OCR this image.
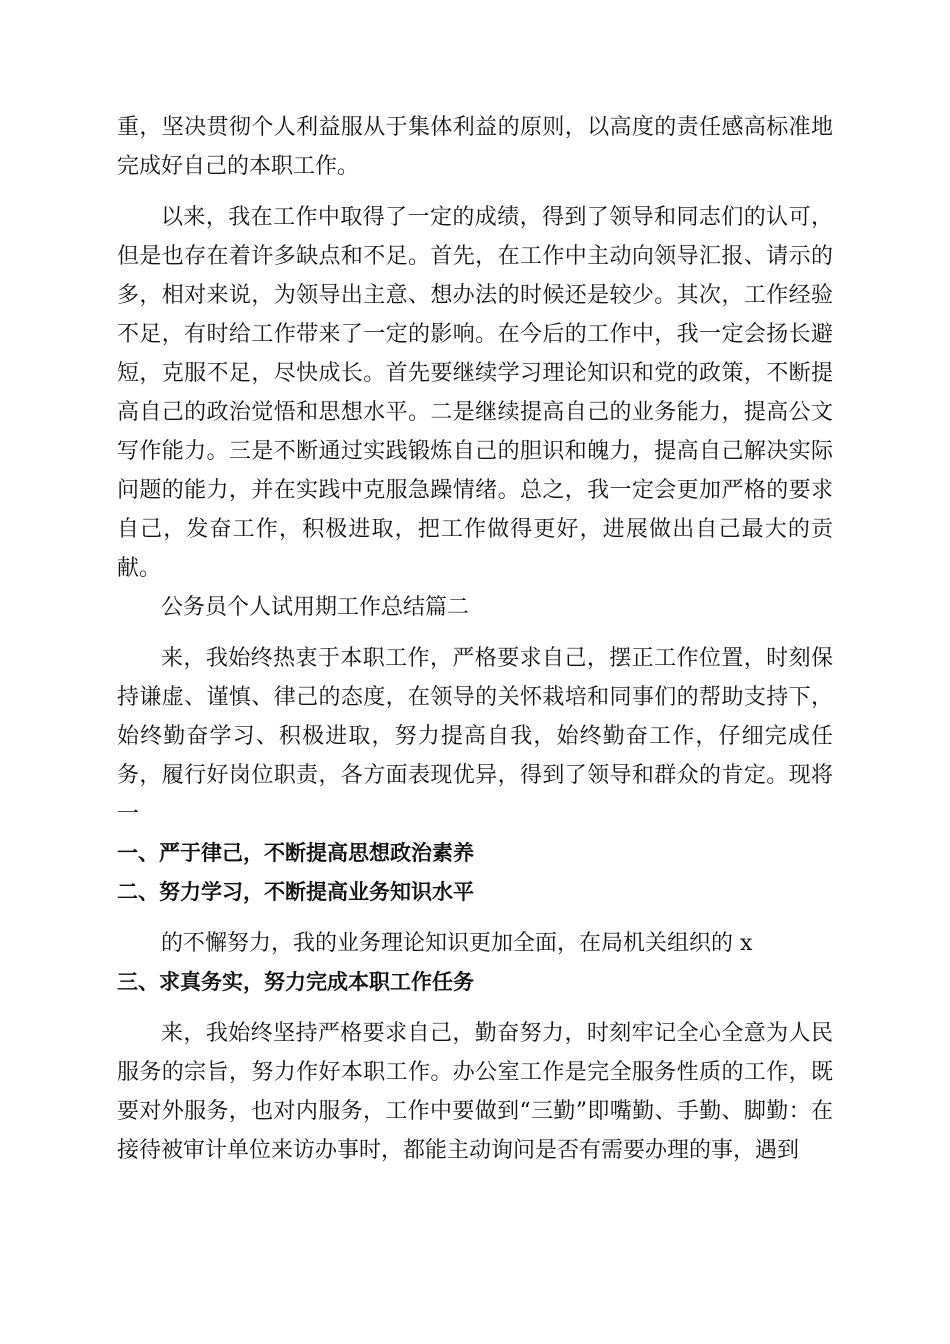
重，坚决贯彻个人利益服从于集体利益的原则，以高度的责任感高标准地完成好自己的本职工作。

以来，我在工作中取得了一定的成绩，得到了领导和同志们的认可，但是也存在着许多缺点和不足。首先，在工作中主动向领导汇报、请示的多，相对来说，为领导出主意、想办法的时候还是较少。其次，工作经验不足，有时给工作带来了一定的影响。在今后的工作中，我一定会扬长避短，克服不足，尽快成长。首先要继续学习理论知识和党的政策，不断提高自己的政治觉悟和思想水平。二是继续提高自己的业务能力，提高公文写作能力。三是不断通过实践锻炼自己的胆识和魄力，提高自己解决实际问题的能力，并在实践中克服急躁情绪。总之，我一定会更加严格的要求自己，发奋工作，积极进取，把工作做得更好，进展做出自己最大的贡献。

公务员个人试用期工作总结篇二

来，我始终热衷于本职工作，严格要求自己，摆正工作位置，时刻保持谦虚、谨慎、律己的态度，在领导的关怀栽培和同事们的帮助支持下，始终勤奋学习、积极进取，努力提高自我，始终勤奋工作，仔细完成任务，履行好岗位职责，各方面表现优异，得到了领导和群众的肯定。现将一

一、严于律己，不断提高思想政治素养

二、努力学习，不断提高业务知识水平

的不懈努力，我的业务理论知识更加全面，在局机关组织的 x

三、求真务实，努力完成本职工作任务

来，我始终坚持严格要求自己，勤奋努力，时刻牢记全心全意为人民服务的宗旨，努力作好本职工作。办公室工作是完全服务性质的工作，既要对外服务，也对内服务，工作中要做到“三勤”即嘴勤、手勤、脚勤：在接待被审计单位来访办事时，都能主动询问是否有需要办理的事，遇到
